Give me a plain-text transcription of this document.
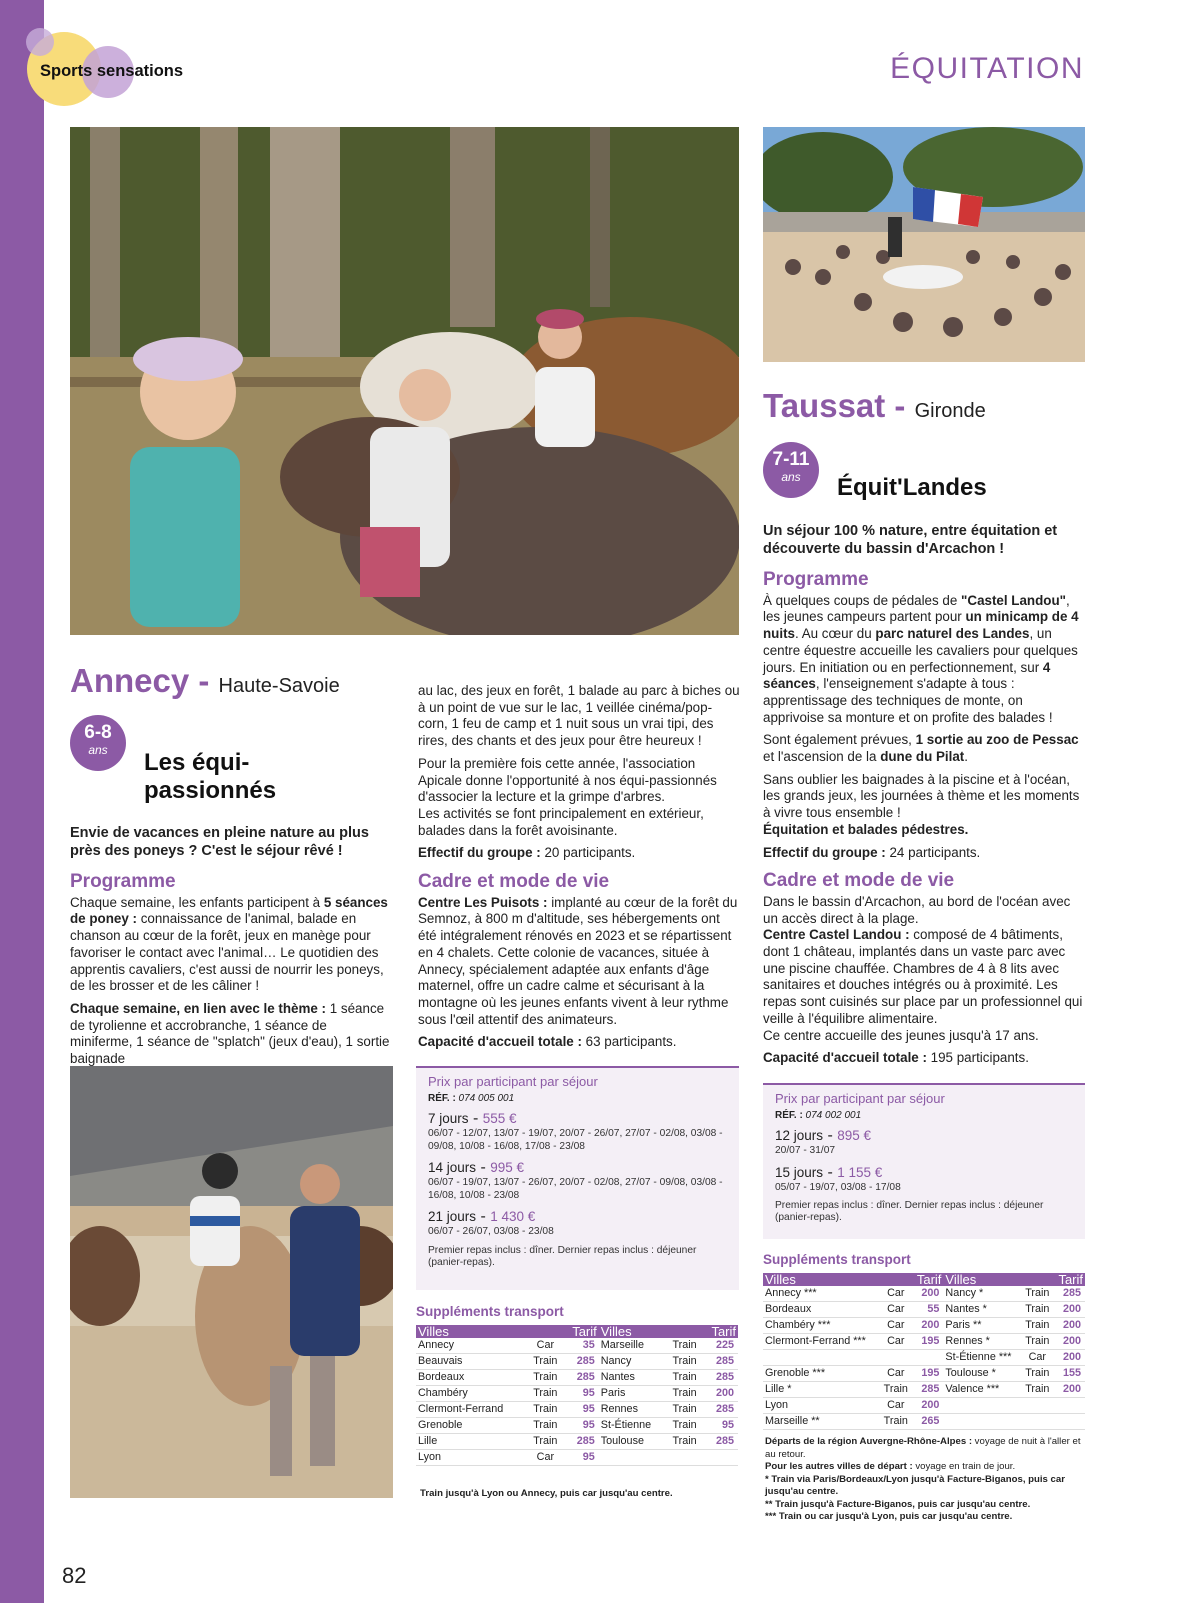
Sports sensations	ÉQUITATION
Annecy - Haute-Savoie
6-8
ans	Les équi-passionnés
Envie de vacances en pleine nature au plus près des poneys ? C'est le séjour rêvé !
Programme

Chaque semaine, les enfants participent à 5 séances de poney : connaissance de l'animal, balade en chanson au cœur de la forêt, jeux en manège pour favoriser le contact avec l'animal… Le quotidien des apprentis cavaliers, c'est aussi de nourrir les poneys, de les brosser et de les câliner !

Chaque semaine, en lien avec le thème : 1 séance de tyrolienne et accrobranche, 1 séance de miniferme, 1 séance de "splatch" (jeux d'eau), 1 sortie baignade

au lac, des jeux en forêt, 1 balade au parc à biches ou à un point de vue sur le lac, 1 veillée cinéma/pop-corn, 1 feu de camp et 1 nuit sous un vrai tipi, des rires, des chants et des jeux pour être heureux !

Pour la première fois cette année, l'association Apicale donne l'opportunité à nos équi-passionnés d'associer la lecture et la grimpe d'arbres.

Les activités se font principalement en extérieur, balades dans la forêt avoisinante.

Effectif du groupe : 20 participants.

Cadre et mode de vie

Centre Les Puisots : implanté au cœur de la forêt du Semnoz, à 800 m d'altitude, ses hébergements ont été intégralement rénovés en 2023 et se répartissent en 4 chalets. Cette colonie de vacances, située à Annecy, spécialement adaptée aux enfants d'âge maternel, offre un cadre calme et sécurisant à la montagne où les jeunes enfants vivent à leur rythme sous l'œil attentif des animateurs.

Capacité d'accueil totale : 63 participants.

Prix par participant par séjour
RÉF. : 074 005 001
7 jours - 555 €
06/07 - 12/07, 13/07 - 19/07, 20/07 - 26/07, 27/07 - 02/08, 03/08 - 09/08, 10/08 - 16/08, 17/08 - 23/08
14 jours - 995 €
06/07 - 19/07, 13/07 - 26/07, 20/07 - 02/08, 27/07 - 09/08, 03/08 - 16/08, 10/08 - 23/08
21 jours - 1 430 €
06/07 - 26/07, 03/08 - 23/08
Premier repas inclus : dîner. Dernier repas inclus : déjeuner (panier-repas).
Suppléments transport
Villes		Tarif	Villes		Tarif
Annecy	Car	35	Marseille	Train	225
Beauvais	Train	285	Nancy	Train	285
Bordeaux	Train	285	Nantes	Train	285
Chambéry	Train	95	Paris	Train	200
Clermont-Ferrand	Train	95	Rennes	Train	285
Grenoble	Train	95	St-Étienne	Train	95
Lille	Train	285	Toulouse	Train	285
Lyon	Car	95			
Train jusqu'à Lyon ou Annecy, puis car jusqu'au centre.
Taussat - Gironde
7-11
ans	Équit'Landes
Un séjour 100 % nature, entre équitation et découverte du bassin d'Arcachon !
Programme

À quelques coups de pédales de "Castel Landou", les jeunes campeurs partent pour un minicamp de 4 nuits. Au cœur du parc naturel des Landes, un centre équestre accueille les cavaliers pour quelques jours. En initiation ou en perfectionnement, sur 4 séances, l'enseignement s'adapte à tous : apprentissage des techniques de monte, on apprivoise sa monture et on profite des balades !

Sont également prévues, 1 sortie au zoo de Pessac et l'ascension de la dune du Pilat.

Sans oublier les baignades à la piscine et à l'océan, les grands jeux, les journées à thème et les moments à vivre tous ensemble !

Équitation et balades pédestres.

Effectif du groupe : 24 participants.

Cadre et mode de vie

Dans le bassin d'Arcachon, au bord de l'océan avec un accès direct à la plage.
Centre Castel Landou : composé de 4 bâtiments, dont 1 château, implantés dans un vaste parc avec une piscine chauffée. Chambres de 4 à 8 lits avec sanitaires et douches intégrés ou à proximité. Les repas sont cuisinés sur place par un professionnel qui veille à l'équilibre alimentaire.
Ce centre accueille des jeunes jusqu'à 17 ans.

Capacité d'accueil totale : 195 participants.

Prix par participant par séjour
RÉF. : 074 002 001
12 jours - 895 €
20/07 - 31/07
15 jours - 1 155 €
05/07 - 19/07, 03/08 - 17/08
Premier repas inclus : dîner. Dernier repas inclus : déjeuner (panier-repas).
Suppléments transport
Villes		Tarif	Villes		Tarif
Annecy ***	Car	200	Nancy *	Train	285
Bordeaux	Car	55	Nantes *	Train	200
Chambéry ***	Car	200	Paris **	Train	200
Clermont-Ferrand ***	Car	195	Rennes *	Train	200
			St-Étienne ***	Car	200
Grenoble ***	Car	195	Toulouse *	Train	155
Lille *	Train	285	Valence ***	Train	200
Lyon	Car	200			
Marseille **	Train	265			
Départs de la région Auvergne-Rhône-Alpes : voyage de nuit à l'aller et au retour.
Pour les autres villes de départ : voyage en train de jour.
* Train via Paris/Bordeaux/Lyon jusqu'à Facture-Biganos, puis car jusqu'au centre.
** Train jusqu'à Facture-Biganos, puis car jusqu'au centre.
*** Train ou car jusqu'à Lyon, puis car jusqu'au centre.
82
